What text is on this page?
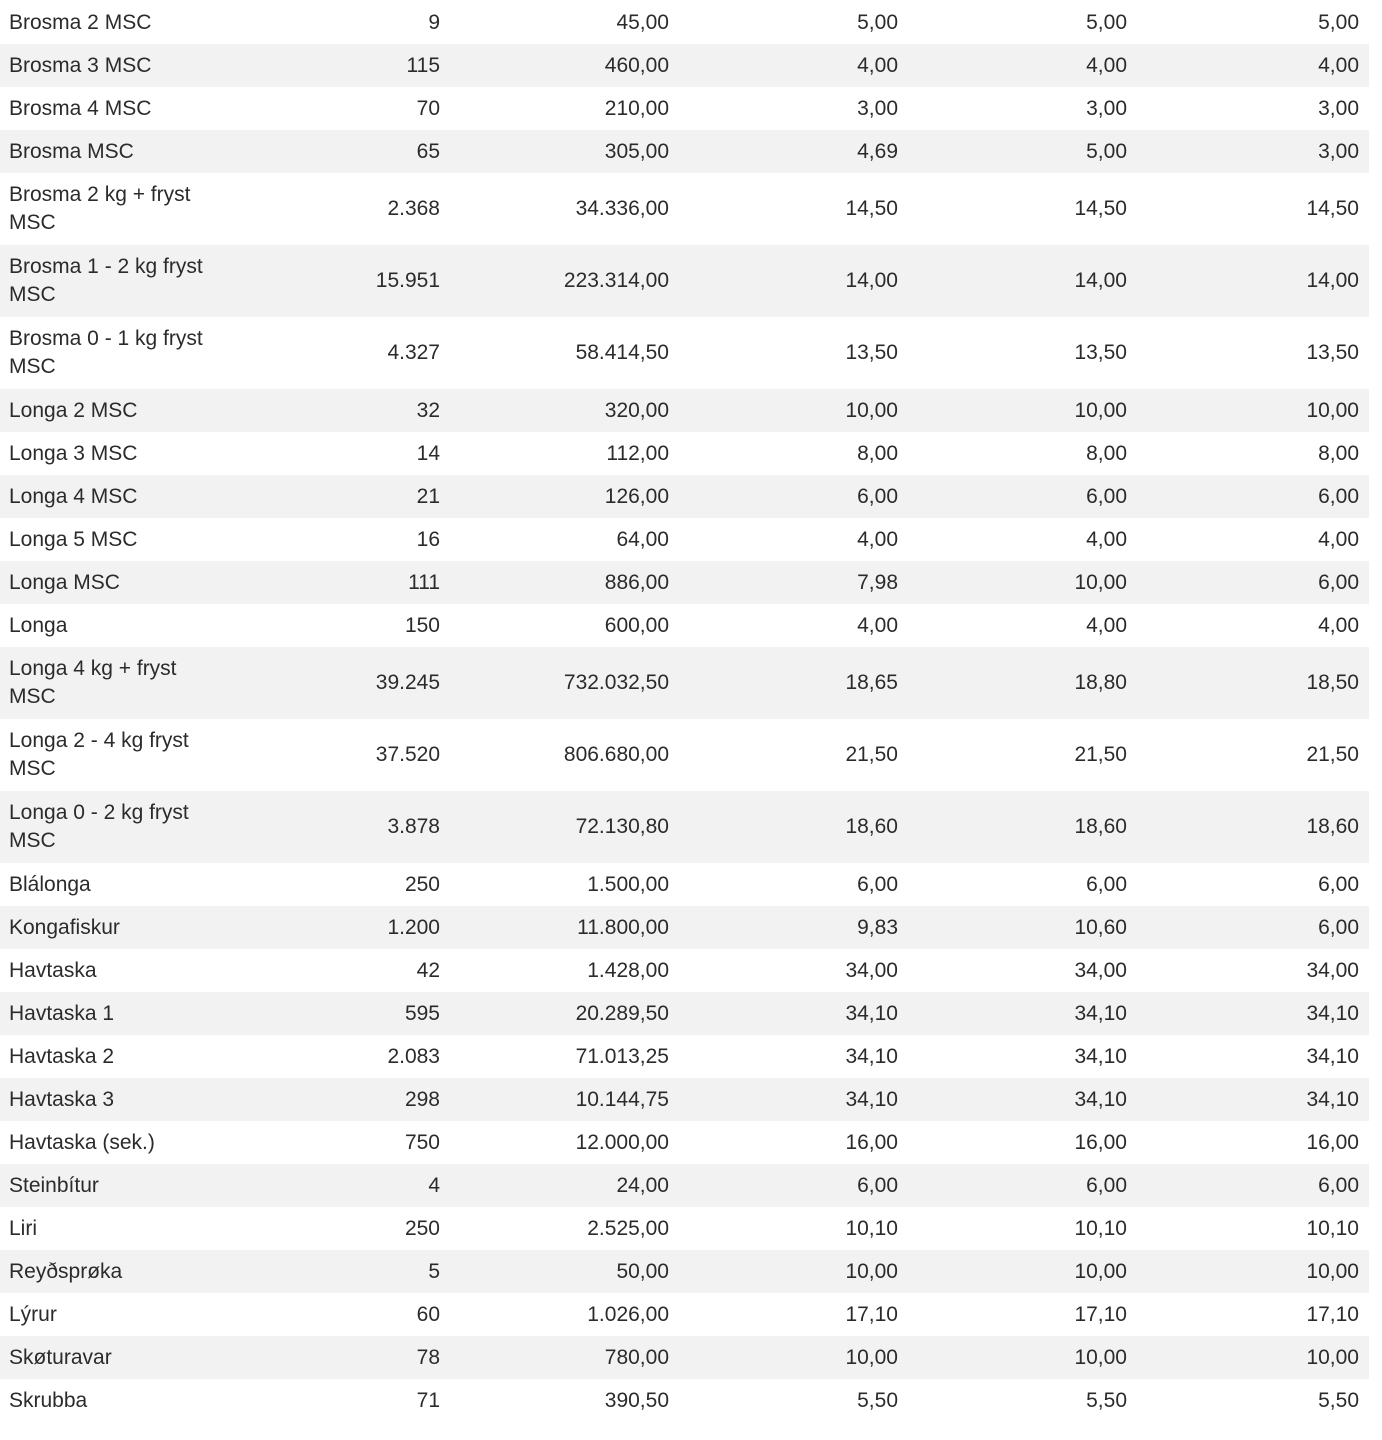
Brosma 2 MSC	9	45,00	5,00	5,00	5,00
Brosma 3 MSC	115	460,00	4,00	4,00	4,00
Brosma 4 MSC	70	210,00	3,00	3,00	3,00
Brosma MSC	65	305,00	4,69	5,00	3,00
Brosma 2 kg + fryst MSC	2.368	34.336,00	14,50	14,50	14,50
Brosma 1 - 2 kg fryst MSC	15.951	223.314,00	14,00	14,00	14,00
Brosma 0 - 1 kg fryst MSC	4.327	58.414,50	13,50	13,50	13,50
Longa 2 MSC	32	320,00	10,00	10,00	10,00
Longa 3 MSC	14	112,00	8,00	8,00	8,00
Longa 4 MSC	21	126,00	6,00	6,00	6,00
Longa 5 MSC	16	64,00	4,00	4,00	4,00
Longa MSC	111	886,00	7,98	10,00	6,00
Longa	150	600,00	4,00	4,00	4,00
Longa 4 kg + fryst MSC	39.245	732.032,50	18,65	18,80	18,50
Longa 2 - 4 kg fryst MSC	37.520	806.680,00	21,50	21,50	21,50
Longa 0 - 2 kg fryst MSC	3.878	72.130,80	18,60	18,60	18,60
Blálonga	250	1.500,00	6,00	6,00	6,00
Kongafiskur	1.200	11.800,00	9,83	10,60	6,00
Havtaska	42	1.428,00	34,00	34,00	34,00
Havtaska 1	595	20.289,50	34,10	34,10	34,10
Havtaska 2	2.083	71.013,25	34,10	34,10	34,10
Havtaska 3	298	10.144,75	34,10	34,10	34,10
Havtaska (sek.)	750	12.000,00	16,00	16,00	16,00
Steinbítur	4	24,00	6,00	6,00	6,00
Liri	250	2.525,00	10,10	10,10	10,10
Reyðsprøka	5	50,00	10,00	10,00	10,00
Lýrur	60	1.026,00	17,10	17,10	17,10
Skøturavar	78	780,00	10,00	10,00	10,00
Skrubba	71	390,50	5,50	5,50	5,50
